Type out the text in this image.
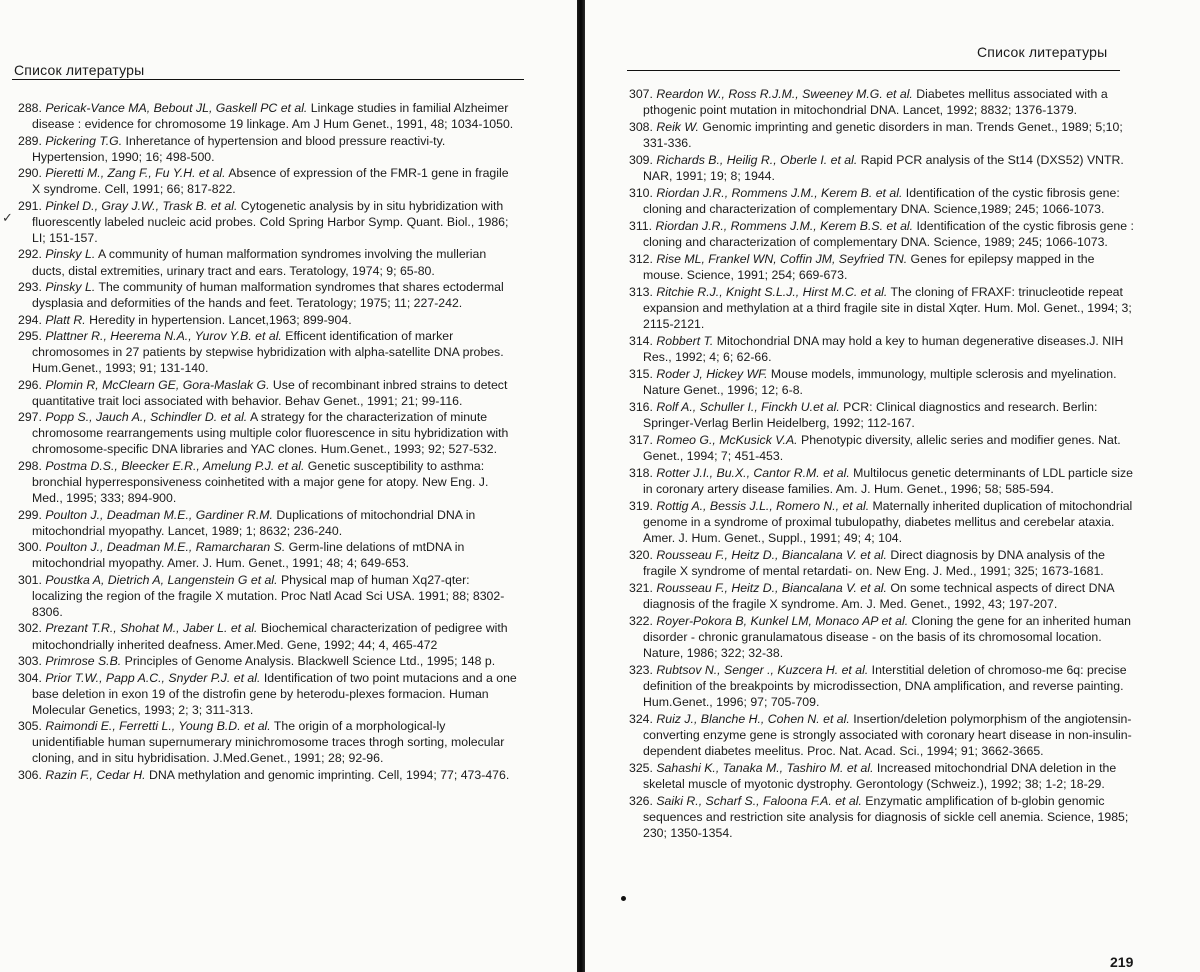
Список литературы
✓
288. Pericak-Vance MA, Bebout JL, Gaskell PC et al. Linkage studies in familial Alzheimer disease : evidence for chromosome 19 linkage. Am J Hum Genet., 1991, 48; 1034-1050.
289. Pickering T.G. Inheretance of hypertension and blood pressure reactivi-ty. Hypertension, 1990; 16; 498-500.
290. Pieretti M., Zang F., Fu Y.H. et al. Absence of expression of the FMR-1 gene in fragile X syndrome. Cell, 1991; 66; 817-822.
291. Pinkel D., Gray J.W., Trask B. et al. Cytogenetic analysis by in situ hybridization with fluorescently labeled nucleic acid probes. Cold Spring Harbor Symp. Quant. Biol., 1986; LI; 151-157.
292. Pinsky L. A community of human malformation syndromes involving the mullerian ducts, distal extremities, urinary tract and ears. Teratology, 1974; 9; 65-80.
293. Pinsky L. The community of human malformation syndromes that shares ectodermal dysplasia and deformities of the hands and feet. Teratology; 1975; 11; 227-242.
294. Platt R. Heredity in hypertension. Lancet,1963; 899-904.
295. Plattner R., Heerema N.A., Yurov Y.B. et al. Efficent identification of marker chromosomes in 27 patients by stepwise hybridization with alpha-satellite DNA probes. Hum.Genet., 1993; 91; 131-140.
296. Plomin R, McClearn GE, Gora-Maslak G. Use of recombinant inbred strains to detect quantitative trait loci associated with behavior. Behav Genet., 1991; 21; 99-116.
297. Popp S., Jauch A., Schindler D. et al. A strategy for the characterization of minute chromosome rearrangements using multiple color fluorescence in situ hybridization with chromosome-specific DNA libraries and YAC clones. Hum.Genet., 1993; 92; 527-532.
298. Postma D.S., Bleecker E.R., Amelung P.J. et al. Genetic susceptibility to asthma: bronchial hyperresponsiveness coinhetited with a major gene for atopy. New Eng. J. Med., 1995; 333; 894-900.
299. Poulton J., Deadman M.E., Gardiner R.M. Duplications of mitochondrial DNA in mitochondrial myopathy. Lancet, 1989; 1; 8632; 236-240.
300. Poulton J., Deadman M.E., Ramarcharan S. Germ-line delations of mtDNA in mitochondrial myopathy. Amer. J. Hum. Genet., 1991; 48; 4; 649-653.
301. Poustka A, Dietrich A, Langenstein G et al. Physical map of human Xq27-qter: localizing the region of the fragile X mutation. Proc Natl Acad Sci USA. 1991; 88; 8302-8306.
302. Prezant T.R., Shohat M., Jaber L. et al. Biochemical characterization of pedigree with mitochondrially inherited deafness. Amer.Med. Gene, 1992; 44; 4, 465-472
303. Primrose S.B. Principles of Genome Analysis. Blackwell Science Ltd., 1995; 148 p.
304. Prior T.W., Papp A.C., Snyder P.J. et al. Identification of two point mutacions and a one base deletion in exon 19 of the distrofin gene by heterodu-plexes formacion. Human Molecular Genetics, 1993; 2; 3; 311-313.
305. Raimondi E., Ferretti L., Young B.D. et al. The origin of a morphological-ly unidentifiable human supernumerary minichromosome traces throgh sorting, molecular cloning, and in situ hybridisation. J.Med.Genet., 1991; 28; 92-96.
306. Razin F., Cedar H. DNA methylation and genomic imprinting. Cell, 1994; 77; 473-476.
Список литературы
307. Reardon W., Ross R.J.M., Sweeney M.G. et al. Diabetes mellitus associated with a pthogenic point mutation in mitochondrial DNA. Lancet, 1992; 8832; 1376-1379.
308. Reik W. Genomic imprinting and genetic disorders in man. Trends Genet., 1989; 5;10; 331-336.
309. Richards B., Heilig R., Oberle I. et al. Rapid PCR analysis of the St14 (DXS52) VNTR. NAR, 1991; 19; 8; 1944.
310. Riordan J.R., Rommens J.M., Kerem B. et al. Identification of the cystic fibrosis gene: cloning and characterization of complementary DNA. Science,1989; 245; 1066-1073.
311. Riordan J.R., Rommens J.M., Kerem B.S. et al. Identification of the cystic fibrosis gene : cloning and characterization of complementary DNA. Science, 1989; 245; 1066-1073.
312. Rise ML, Frankel WN, Coffin JM, Seyfried TN. Genes for epilepsy mapped in the mouse. Science, 1991; 254; 669-673.
313. Ritchie R.J., Knight S.L.J., Hirst M.C. et al. The cloning of FRAXF: trinucleotide repeat expansion and methylation at a third fragile site in distal Xqter. Hum. Mol. Genet., 1994; 3; 2115-2121.
314. Robbert T. Mitochondrial DNA may hold a key to human degenerative diseases.J. NIH Res., 1992; 4; 6; 62-66.
315. Roder J, Hickey WF. Mouse models, immunology, multiple sclerosis and myelination. Nature Genet., 1996; 12; 6-8.
316. Rolf A., Schuller I., Finckh U.et al. PCR: Clinical diagnostics and research. Berlin: Springer-Verlag Berlin Heidelberg, 1992; 112-167.
317. Romeo G., McKusick V.A. Phenotypic diversity, allelic series and modifier genes. Nat. Genet., 1994; 7; 451-453.
318. Rotter J.I., Bu.X., Cantor R.M. et al. Multilocus genetic determinants of LDL particle size in coronary artery disease families. Am. J. Hum. Genet., 1996; 58; 585-594.
319. Rottig A., Bessis J.L., Romero N., et al. Maternally inherited duplication of mitochondrial genome in a syndrome of proximal tubulopathy, diabetes mellitus and cerebelar ataxia. Amer. J. Hum. Genet., Suppl., 1991; 49; 4; 104.
320. Rousseau F., Heitz D., Biancalana V. et al. Direct diagnosis by DNA analysis of the fragile X syndrome of mental retardati- on. New Eng. J. Med., 1991; 325; 1673-1681.
321. Rousseau F., Heitz D., Biancalana V. et al. On some technical aspects of direct DNA diagnosis of the fragile X syndrome. Am. J. Med. Genet., 1992, 43; 197-207.
322. Royer-Pokora B, Kunkel LM, Monaco AP et al. Cloning the gene for an inherited human disorder - chronic granulamatous disease - on the basis of its chromosomal location. Nature, 1986; 322; 32-38.
323. Rubtsov N., Senger ., Kuzcera H. et al. Interstitial deletion of chromoso-me 6q: precise definition of the breakpoints by microdissection, DNA amplification, and reverse painting. Hum.Genet., 1996; 97; 705-709.
324. Ruiz J., Blanche H., Cohen N. et al. Insertion/deletion polymorphism of the angiotensin-converting enzyme gene is strongly associated with coronary heart disease in non-insulin-dependent diabetes meelitus. Proc. Nat. Acad. Sci., 1994; 91; 3662-3665.
325. Sahashi K., Tanaka M., Tashiro M. et al. Increased mitochondrial DNA deletion in the skeletal muscle of myotonic dystrophy. Gerontology (Schweiz.), 1992; 38; 1-2; 18-29.
326. Saiki R., Scharf S., Faloona F.A. et al. Enzymatic amplification of b-globin genomic sequences and restriction site analysis for diagnosis of sickle cell anemia. Science, 1985; 230; 1350-1354.
219
